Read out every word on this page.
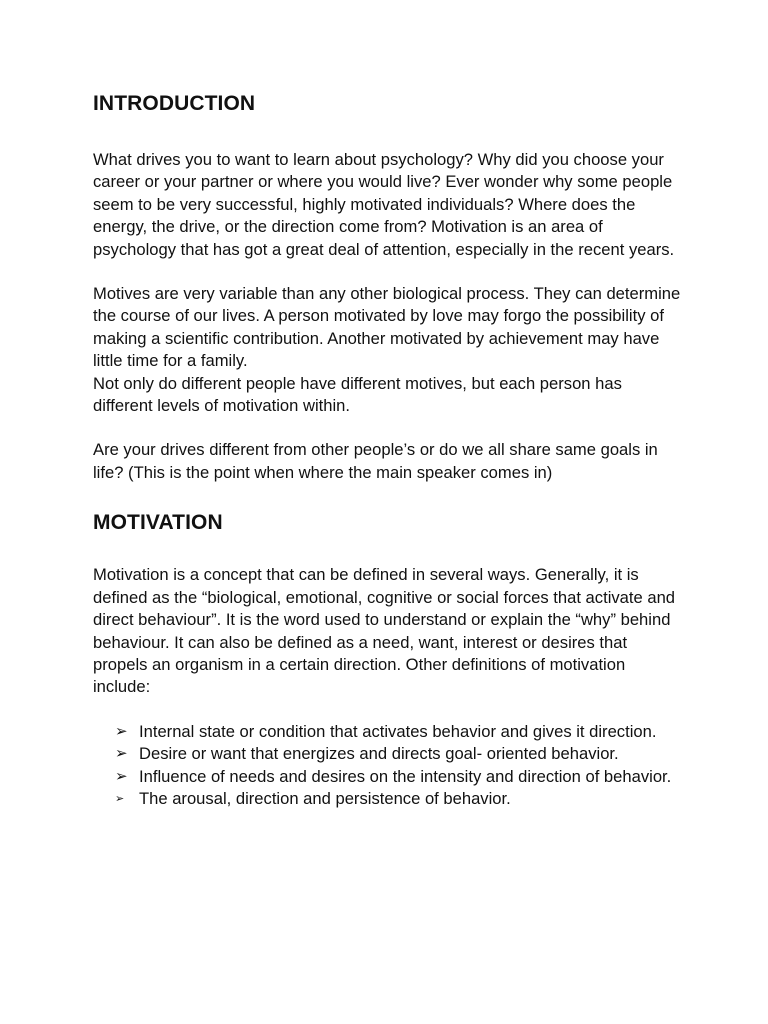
INTRODUCTION

What drives you to want to learn about psychology? Why did you choose your career or your partner or where you would live? Ever wonder why some people seem to be very successful, highly motivated individuals? Where does the energy, the drive, or the direction come from? Motivation is an area of psychology that has got a great deal of attention, especially in the recent years.

Motives are very variable than any other biological process. They can determine the course of our lives. A person motivated by love may forgo the possibility of making a scientific contribution. Another motivated by achievement may have little time for a family.

Not only do different people have different motives, but each person has different levels of motivation within.

Are your drives different from other people’s or do we all share same goals in life? (This is the point when where the main speaker comes in)

MOTIVATION

Motivation is a concept that can be defined in several ways. Generally, it is defined as the “biological, emotional, cognitive or social forces that activate and direct behaviour”. It is the word used to understand or explain the “why” behind behaviour. It can also be defined as a need, want, interest or desires that propels an organism in a certain direction. Other definitions of motivation include:

➢ Internal state or condition that activates behavior and gives it direction.
➢ Desire or want that energizes and directs goal- oriented behavior.
➢ Influence of needs and desires on the intensity and direction of behavior.
➢ The arousal, direction and persistence of behavior.
